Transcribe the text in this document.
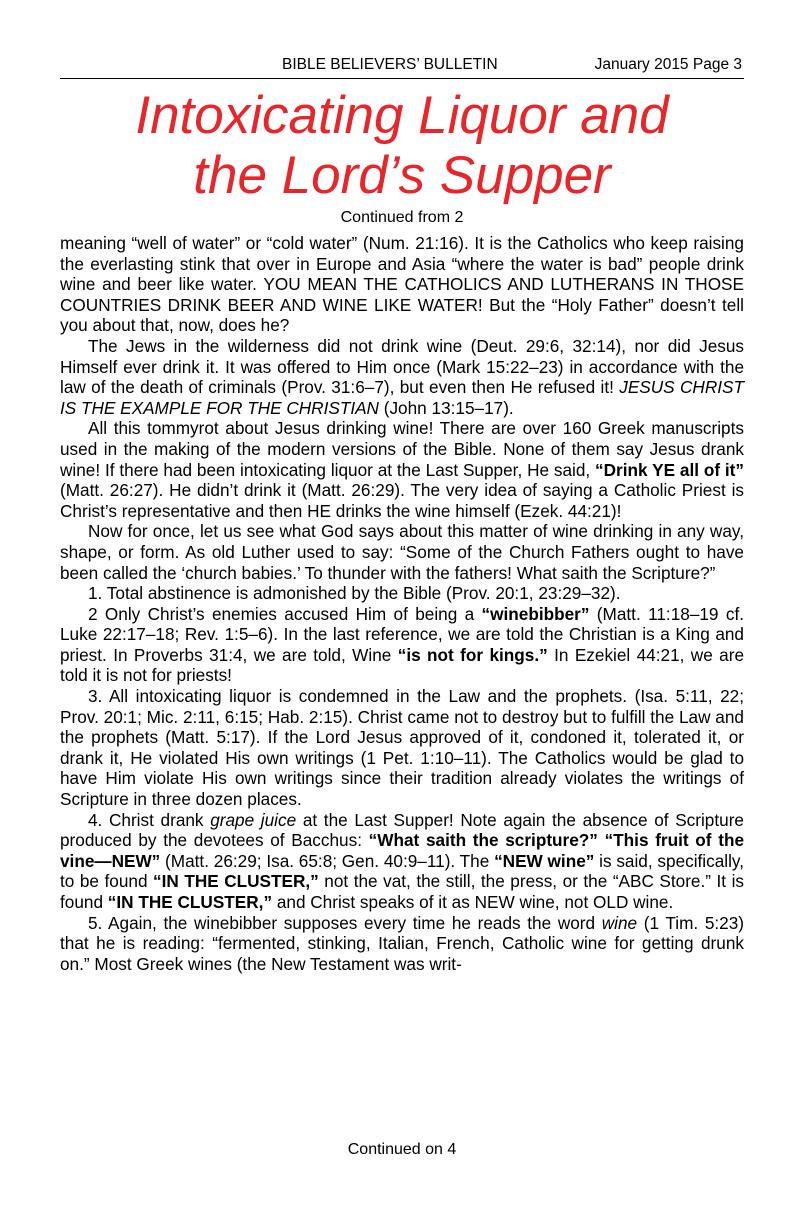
BIBLE BELIEVERS’ BULLETIN	January 2015 Page 3
Intoxicating Liquor and
the Lord’s Supper
Continued from 2

meaning “well of water” or “cold water” (Num. 21:16). It is the Catholics who keep raising the everlasting stink that over in Europe and Asia “where the water is bad” people drink wine and beer like water. YOU MEAN THE CATHOLICS AND LUTHERANS IN THOSE COUNTRIES DRINK BEER AND WINE LIKE WATER! But the “Holy Father” doesn’t tell you about that, now, does he?

The Jews in the wilderness did not drink wine (Deut. 29:6, 32:14), nor did Jesus Himself ever drink it. It was offered to Him once (Mark 15:22–23) in accordance with the law of the death of criminals (Prov. 31:6–7), but even then He refused it! JESUS CHRIST IS THE EXAMPLE FOR THE CHRISTIAN (John 13:15–17).

All this tommyrot about Jesus drinking wine! There are over 160 Greek manuscripts used in the making of the modern versions of the Bible. None of them say Jesus drank wine! If there had been intoxicating liquor at the Last Supper, He said, “Drink YE all of it” (Matt. 26:27). He didn’t drink it (Matt. 26:29). The very idea of saying a Catholic Priest is Christ’s representative and then HE drinks the wine himself (Ezek. 44:21)!

Now for once, let us see what God says about this matter of wine drinking in any way, shape, or form. As old Luther used to say: “Some of the Church Fathers ought to have been called the ‘church babies.’ To thunder with the fathers! What saith the Scripture?”

1. Total abstinence is admonished by the Bible (Prov. 20:1, 23:29–32).

2 Only Christ’s enemies accused Him of being a “winebibber” (Matt. 11:18–19 cf. Luke 22:17–18; Rev. 1:5–6). In the last reference, we are told the Christian is a King and priest. In Proverbs 31:4, we are told, Wine “is not for kings.” In Ezekiel 44:21, we are told it is not for priests!

3. All intoxicating liquor is condemned in the Law and the prophets. (Isa. 5:11, 22; Prov. 20:1; Mic. 2:11, 6:15; Hab. 2:15). Christ came not to destroy but to fulfill the Law and the prophets (Matt. 5:17). If the Lord Jesus approved of it, condoned it, tolerated it, or drank it, He violated His own writings (1 Pet. 1:10–11). The Catholics would be glad to have Him violate His own writings since their tradition already violates the writings of Scripture in three dozen places.

4. Christ drank grape juice at the Last Supper! Note again the absence of Scripture produced by the devotees of Bacchus: “What saith the scripture?” “This fruit of the vine—NEW” (Matt. 26:29; Isa. 65:8; Gen. 40:9–11). The “NEW wine” is said, specifically, to be found “IN THE CLUSTER,” not the vat, the still, the press, or the “ABC Store.” It is found “IN THE CLUSTER,” and Christ speaks of it as NEW wine, not OLD wine.

5. Again, the winebibber supposes every time he reads the word wine (1 Tim. 5:23) that he is reading: “fermented, stinking, Italian, French, Catholic wine for getting drunk on.” Most Greek wines (the New Testament was writ-

Continued on 4
